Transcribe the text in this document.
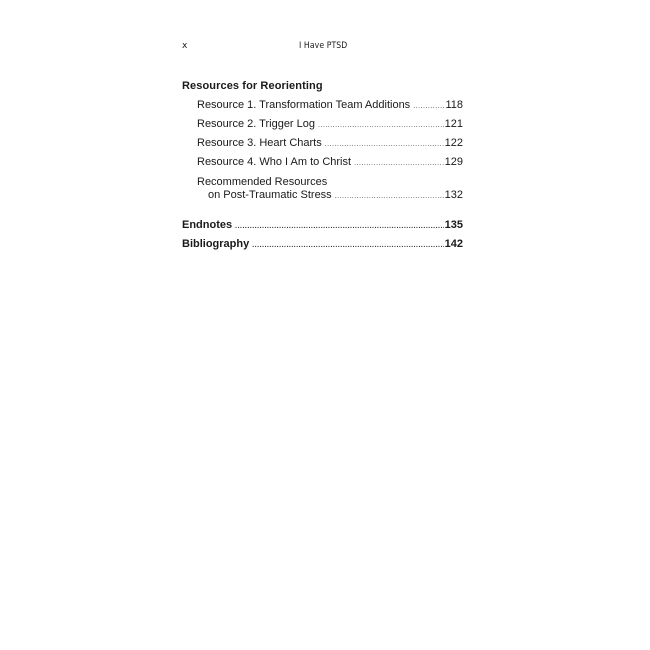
x	I Have PTSD
Resources for Reorienting
Resource 1. Transformation Team Additions .....	118
Resource 2. Trigger Log .....	121
Resource 3. Heart Charts .....	122
Resource 4. Who I Am to Christ .....	129
Recommended Resources
on Post-Traumatic Stress .....	132
Endnotes .....	135
Bibliography .....	142
